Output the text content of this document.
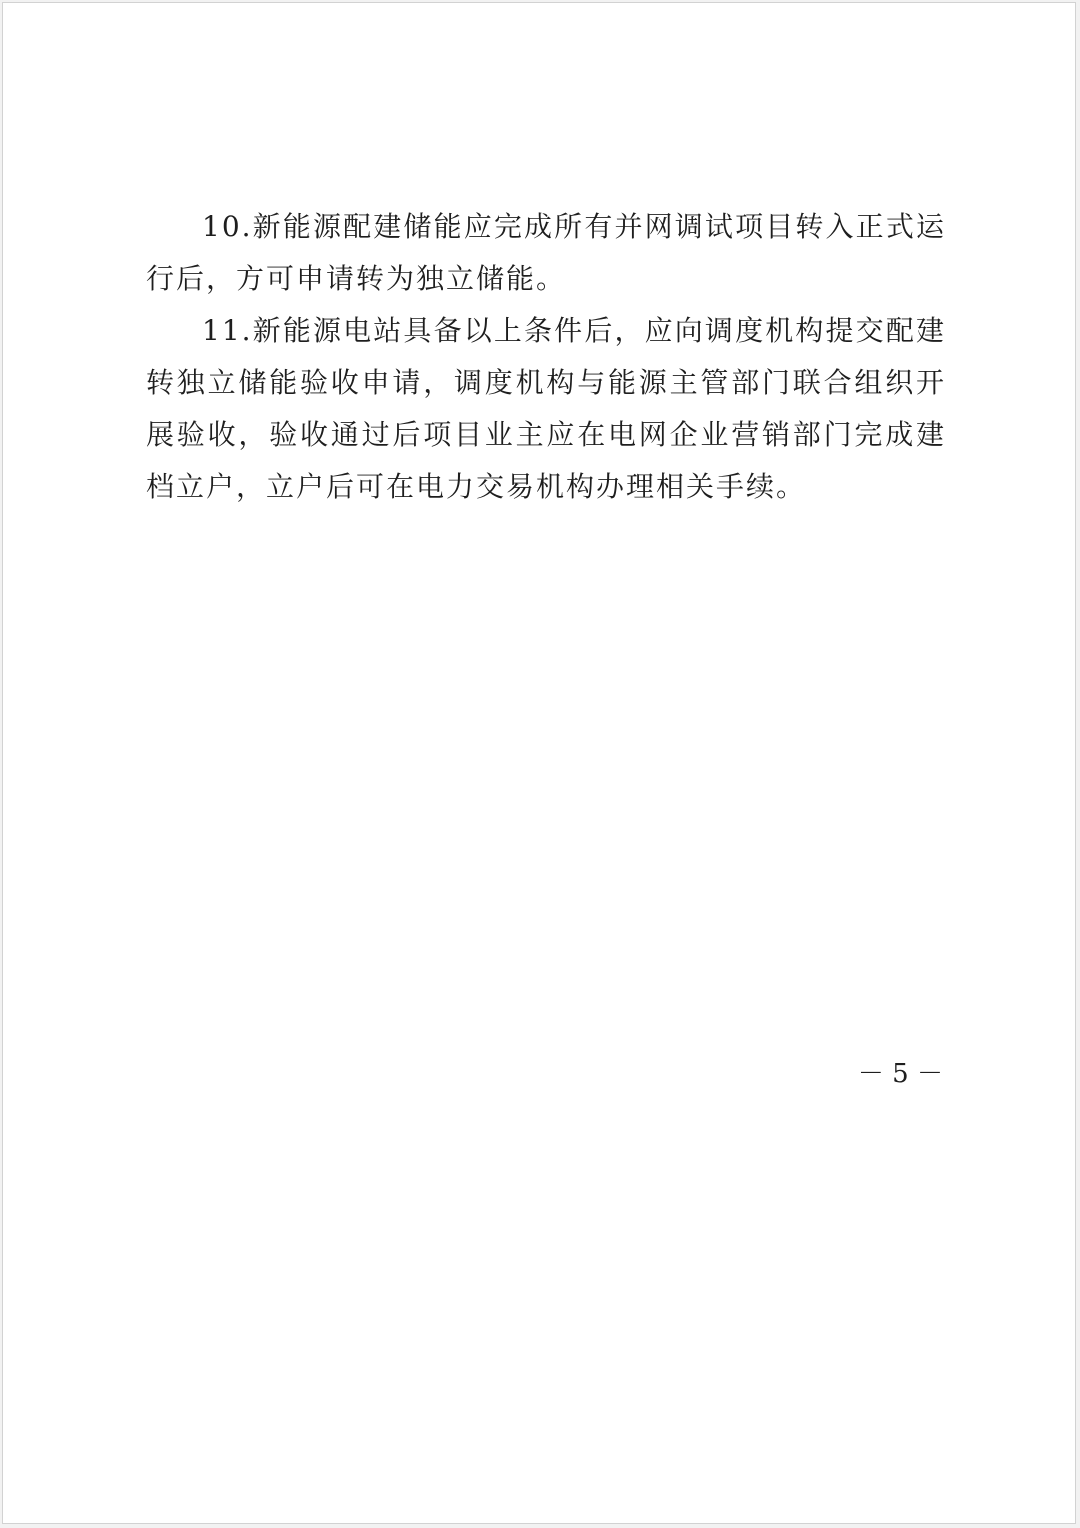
10.新能源配建储能应完成所有并网调试项目转入正式运行后，方可申请转为独立储能。

11.新能源电站具备以上条件后，应向调度机构提交配建转独立储能验收申请，调度机构与能源主管部门联合组织开展验收，验收通过后项目业主应在电网企业营销部门完成建档立户，立户后可在电力交易机构办理相关手续。

－ 5 －
